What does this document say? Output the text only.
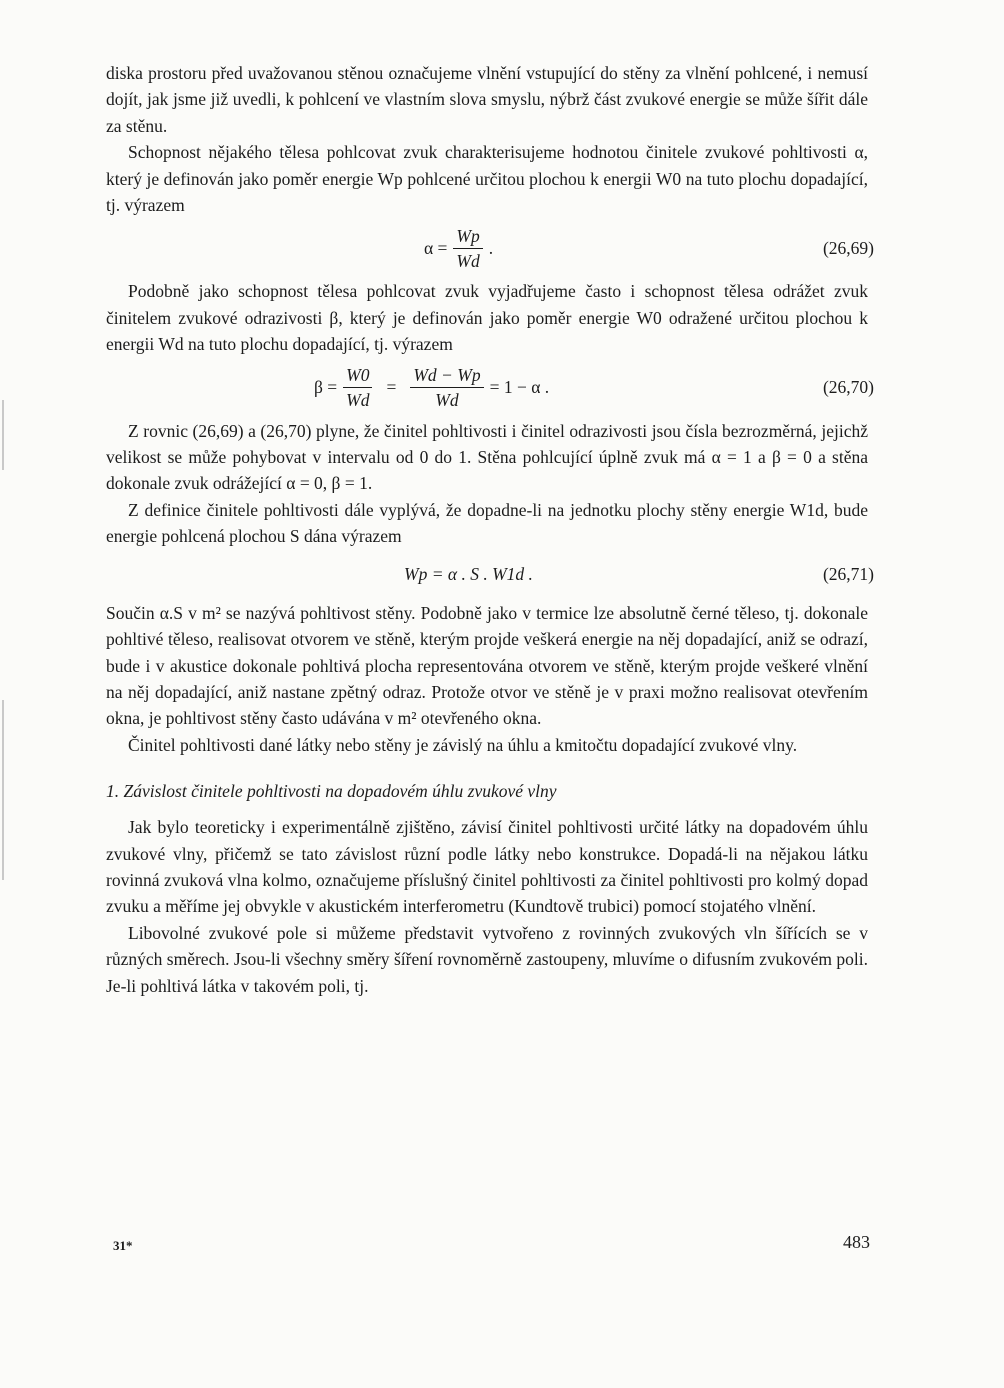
diska prostoru před uvažovanou stěnou označujeme vlnění vstupující do stěny za vlnění pohlcené, i nemusí dojít, jak jsme již uvedli, k pohlcení ve vlastním slova smyslu, nýbrž část zvukové energie se může šířit dále za stěnu.

Schopnost nějakého tělesa pohlcovat zvuk charakterisujeme hodnotou činitele zvukové pohltivosti α, který je definován jako poměr energie Wp pohlcené určitou plochou k energii W0 na tuto plochu dopadající, tj. výrazem

$\alpha = \frac{Wp}{Wd}$ .	(26,69)

Podobně jako schopnost tělesa pohlcovat zvuk vyjadřujeme často i schopnost tělesa odrážet zvuk činitelem zvukové odrazivosti β, který je definován jako poměr energie W0 odražené určitou plochou k energii Wd na tuto plochu dopadající, tj. výrazem

$\beta = \frac{W0}{Wd} = \frac{Wd - Wp}{Wd} = 1 - \alpha$ .	(26,70)

Z rovnic (26,69) a (26,70) plyne, že činitel pohltivosti i činitel odrazivosti jsou čísla bezrozměrná, jejichž velikost se může pohybovat v intervalu od 0 do 1. Stěna pohlcující úplně zvuk má α = 1 a β = 0 a stěna dokonale zvuk odrážející α = 0, β = 1.

Z definice činitele pohltivosti dále vyplývá, že dopadne-li na jednotku plochy stěny energie W1d, bude energie pohlcená plochou S dána výrazem

Wp = α . S . W1d .	(26,71)

Součin α.S v m² se nazývá pohltivost stěny. Podobně jako v termice lze absolutně černé těleso, tj. dokonale pohltivé těleso, realisovat otvorem ve stěně, kterým projde veškerá energie na něj dopadající, aniž se odrazí, bude i v akustice dokonale pohltivá plocha representována otvorem ve stěně, kterým projde veškeré vlnění na něj dopadající, aniž nastane zpětný odraz. Protože otvor ve stěně je v praxi možno realisovat otevřením okna, je pohltivost stěny často udávána v m² otevřeného okna.

Činitel pohltivosti dané látky nebo stěny je závislý na úhlu a kmitočtu dopadající zvukové vlny.

1. Závislost činitele pohltivosti na dopadovém úhlu zvukové vlny

Jak bylo teoreticky i experimentálně zjištěno, závisí činitel pohltivosti určité látky na dopadovém úhlu zvukové vlny, přičemž se tato závislost různí podle látky nebo konstrukce. Dopadá-li na nějakou látku rovinná zvuková vlna kolmo, označujeme příslušný činitel pohltivosti za činitel pohltivosti pro kolmý dopad zvuku a měříme jej obvykle v akustickém interferometru (Kundtově trubici) pomocí stojatého vlnění.

Libovolné zvukové pole si můžeme představit vytvořeno z rovinných zvukových vln šířících se v různých směrech. Jsou-li všechny směry šíření rovnoměrně zastoupeny, mluvíme o difusním zvukovém poli. Je-li pohltivá látka v takovém poli, tj.

31*	483
